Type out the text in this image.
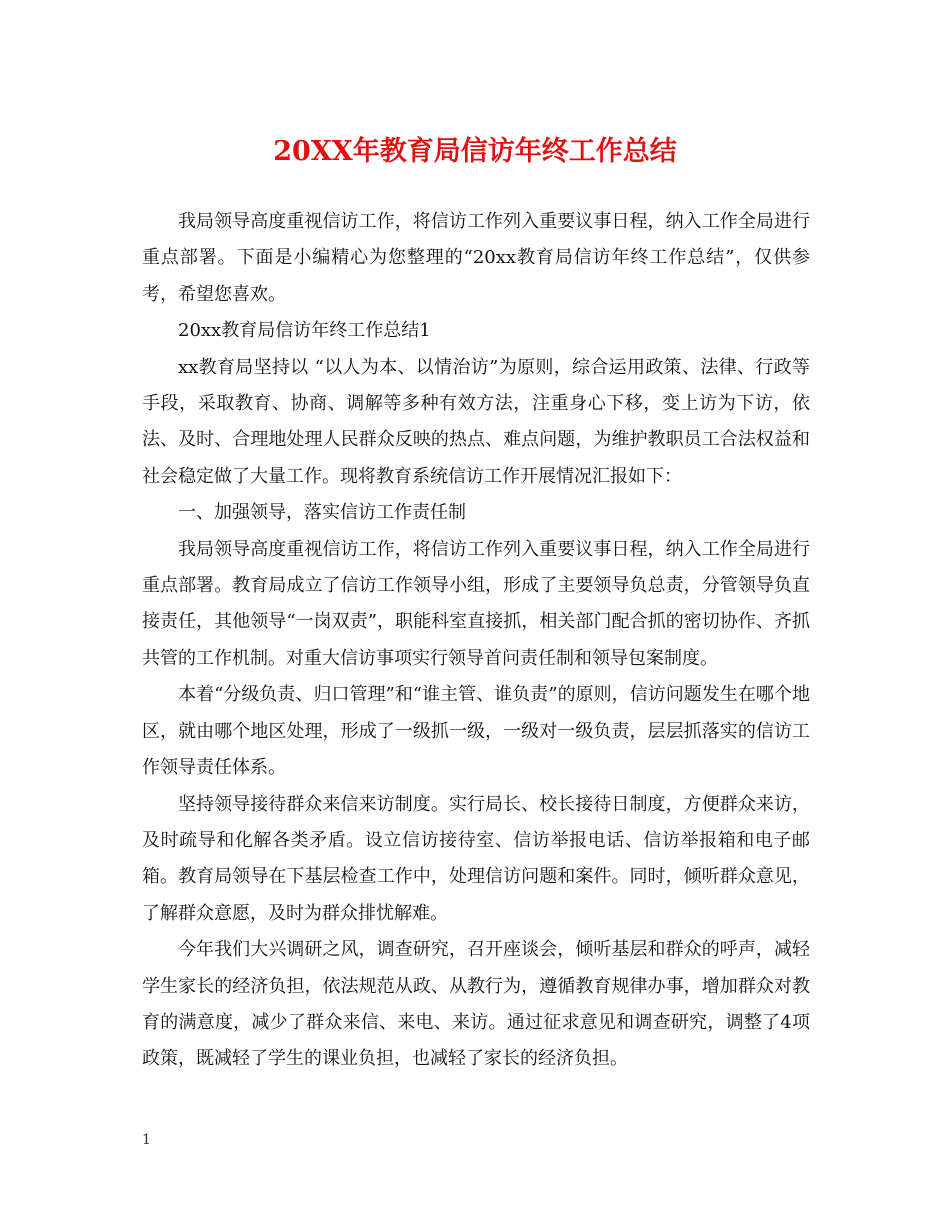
20XX年教育局信访年终工作总结

我局领导高度重视信访工作，将信访工作列入重要议事日程，纳入工作全局进行重点部署。下面是小编精心为您整理的“20xx教育局信访年终工作总结”，仅供参考，希望您喜欢。

20xx教育局信访年终工作总结1

xx教育局坚持以 “以人为本、以情治访”为原则，综合运用政策、法律、行政等手段，采取教育、协商、调解等多种有效方法，注重身心下移，变上访为下访，依法、及时、合理地处理人民群众反映的热点、难点问题，为维护教职员工合法权益和社会稳定做了大量工作。现将教育系统信访工作开展情况汇报如下：

一、加强领导，落实信访工作责任制

我局领导高度重视信访工作，将信访工作列入重要议事日程，纳入工作全局进行重点部署。教育局成立了信访工作领导小组，形成了主要领导负总责，分管领导负直接责任，其他领导“一岗双责”，职能科室直接抓，相关部门配合抓的密切协作、齐抓共管的工作机制。对重大信访事项实行领导首问责任制和领导包案制度。

本着“分级负责、归口管理”和“谁主管、谁负责”的原则，信访问题发生在哪个地区，就由哪个地区处理，形成了一级抓一级，一级对一级负责，层层抓落实的信访工作领导责任体系。

坚持领导接待群众来信来访制度。实行局长、校长接待日制度，方便群众来访，及时疏导和化解各类矛盾。设立信访接待室、信访举报电话、信访举报箱和电子邮箱。教育局领导在下基层检查工作中，处理信访问题和案件。同时，倾听群众意见，了解群众意愿，及时为群众排忧解难。

今年我们大兴调研之风，调查研究，召开座谈会，倾听基层和群众的呼声，减轻学生家长的经济负担，依法规范从政、从教行为，遵循教育规律办事，增加群众对教育的满意度，减少了群众来信、来电、来访。通过征求意见和调查研究，调整了4项政策，既减轻了学生的课业负担，也减轻了家长的经济负担。

1
